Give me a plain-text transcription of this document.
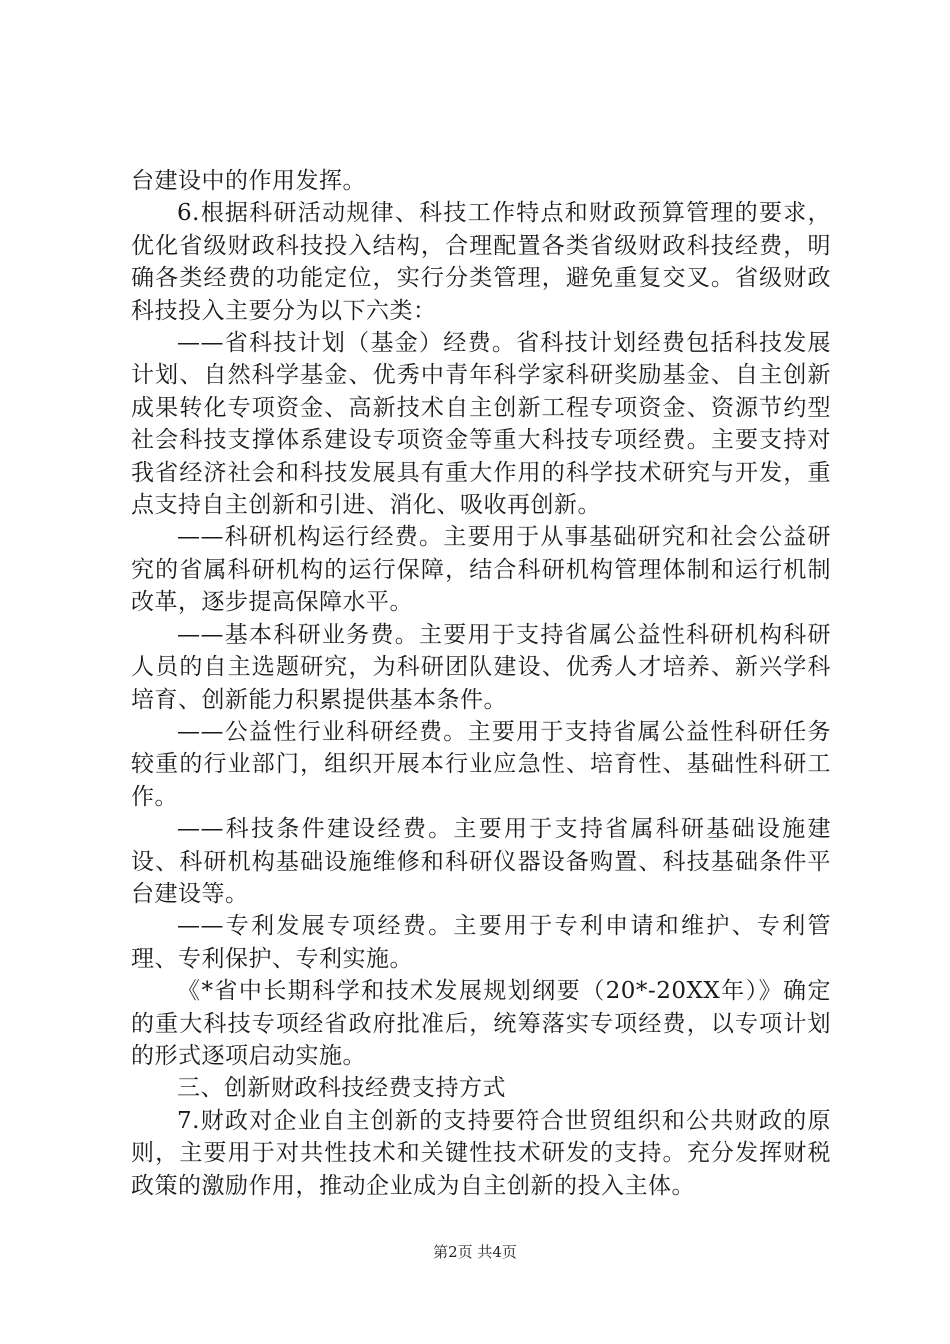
台建设中的作用发挥。

6.根据科研活动规律、科技工作特点和财政预算管理的要求，优化省级财政科技投入结构，合理配置各类省级财政科技经费，明确各类经费的功能定位，实行分类管理，避免重复交叉。省级财政科技投入主要分为以下六类：

——省科技计划（基金）经费。省科技计划经费包括科技发展计划、自然科学基金、优秀中青年科学家科研奖励基金、自主创新成果转化专项资金、高新技术自主创新工程专项资金、资源节约型社会科技支撑体系建设专项资金等重大科技专项经费。主要支持对我省经济社会和科技发展具有重大作用的科学技术研究与开发，重点支持自主创新和引进、消化、吸收再创新。

——科研机构运行经费。主要用于从事基础研究和社会公益研究的省属科研机构的运行保障，结合科研机构管理体制和运行机制改革，逐步提高保障水平。

——基本科研业务费。主要用于支持省属公益性科研机构科研人员的自主选题研究，为科研团队建设、优秀人才培养、新兴学科培育、创新能力积累提供基本条件。

——公益性行业科研经费。主要用于支持省属公益性科研任务较重的行业部门，组织开展本行业应急性、培育性、基础性科研工作。

——科技条件建设经费。主要用于支持省属科研基础设施建设、科研机构基础设施维修和科研仪器设备购置、科技基础条件平台建设等。

——专利发展专项经费。主要用于专利申请和维护、专利管理、专利保护、专利实施。

《*省中长期科学和技术发展规划纲要（20*-20XX年）》确定的重大科技专项经省政府批准后，统筹落实专项经费，以专项计划的形式逐项启动实施。

三、创新财政科技经费支持方式

7.财政对企业自主创新的支持要符合世贸组织和公共财政的原则，主要用于对共性技术和关键性技术研发的支持。充分发挥财税政策的激励作用，推动企业成为自主创新的投入主体。

第2页 共4页
